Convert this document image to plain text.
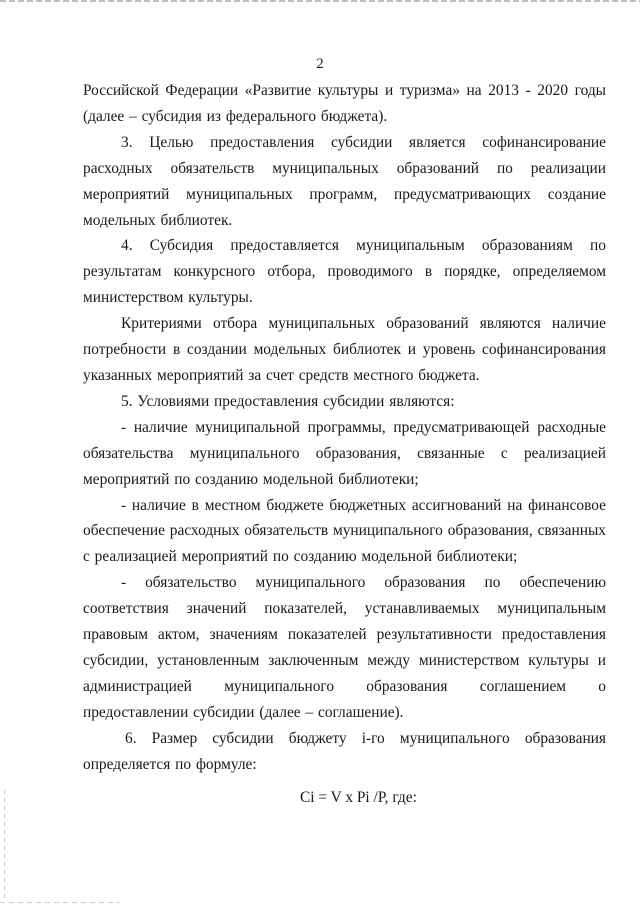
2

Российской Федерации «Развитие культуры и туризма» на 2013 - 2020 годы (далее – субсидия из федерального бюджета).

3. Целью предоставления субсидии является софинансирование расходных обязательств муниципальных образований по реализации мероприятий муниципальных программ, предусматривающих создание модельных библиотек.

4. Субсидия предоставляется муниципальным образованиям по результатам конкурсного отбора, проводимого в порядке, определяемом министерством культуры.

Критериями отбора муниципальных образований являются наличие потребности в создании модельных библиотек и уровень софинансирования указанных мероприятий за счет средств местного бюджета.

5. Условиями предоставления субсидии являются:

- наличие муниципальной программы, предусматривающей расходные обязательства муниципального образования, связанные с реализацией мероприятий по созданию модельной библиотеки;

- наличие в местном бюджете бюджетных ассигнований на финансовое обеспечение расходных обязательств муниципального образования, связанных с реализацией мероприятий по созданию модельной библиотеки;

- обязательство муниципального образования по обеспечению соответствия значений показателей, устанавливаемых муниципальным правовым актом, значениям показателей результативности предоставления субсидии, установленным заключенным между министерством культуры и администрацией муниципального образования соглашением о предоставлении субсидии (далее – соглашение).

6. Размер субсидии бюджету i-го муниципального образования определяется по формуле:

Ci = V x Pi /P, где:
